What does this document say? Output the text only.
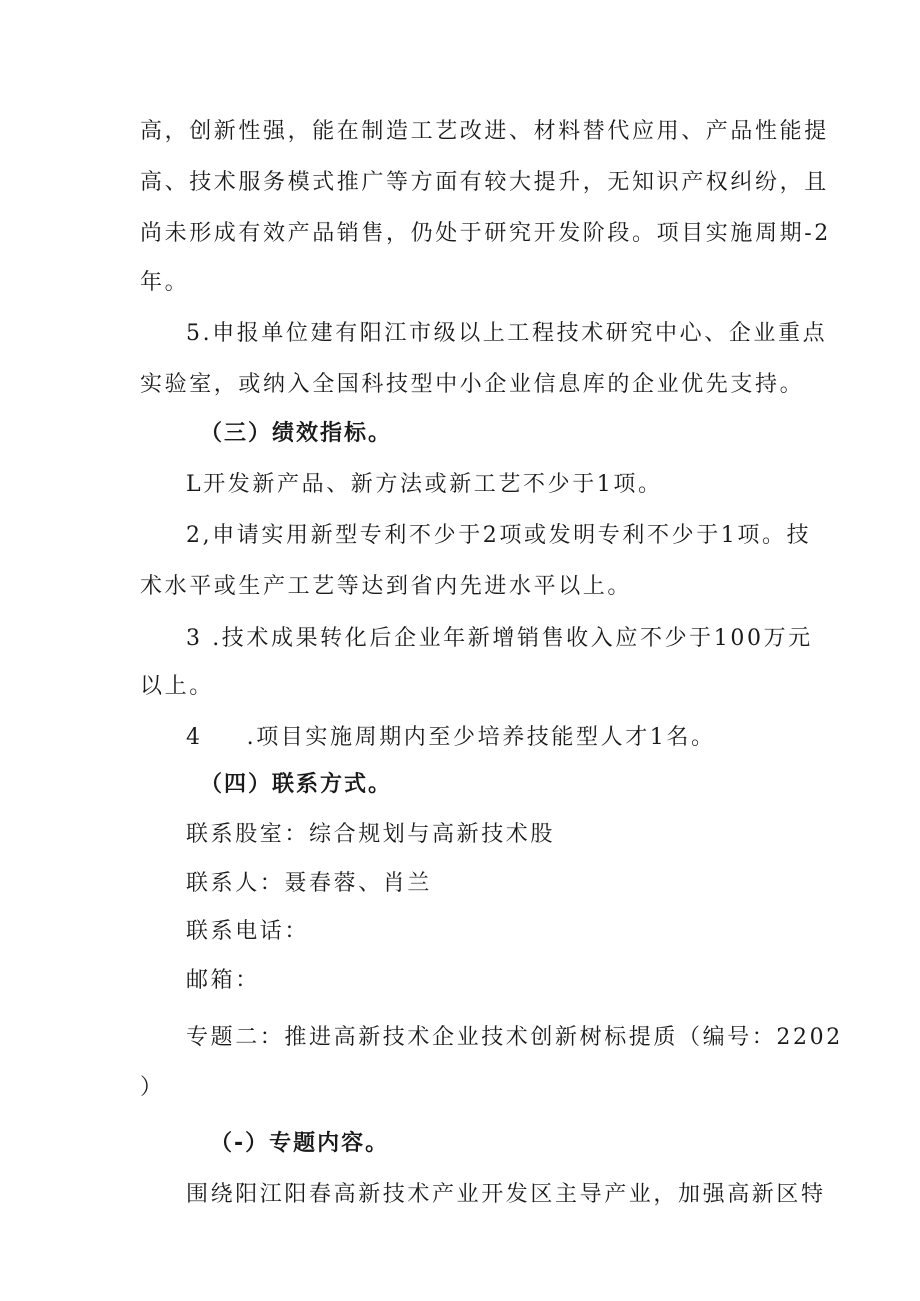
高，创新性强，能在制造工艺改进、材料替代应用、产品性能提
高、技术服务模式推广等方面有较大提升，无知识产权纠纷，且
尚未形成有效产品销售，仍处于研究开发阶段。项目实施周期-2
年。
5.申报单位建有阳江市级以上工程技术研究中心、企业重点
实验室，或纳入全国科技型中小企业信息库的企业优先支持。
（三）绩效指标。
L开发新产品、新方法或新工艺不少于1项。
2,申请实用新型专利不少于2项或发明专利不少于1项。技
术水平或生产工艺等达到省内先进水平以上。
3 .技术成果转化后企业年新增销售收入应不少于100万元
以上。
4 .项目实施周期内至少培养技能型人才1名。
（四）联系方式。
联系股室：综合规划与高新技术股
联系人：聂春蓉、肖兰
联系电话：
邮箱：
专题二：推进高新技术企业技术创新树标提质（编号：2202
）
（-）专题内容。
围绕阳江阳春高新技术产业开发区主导产业，加强高新区特
